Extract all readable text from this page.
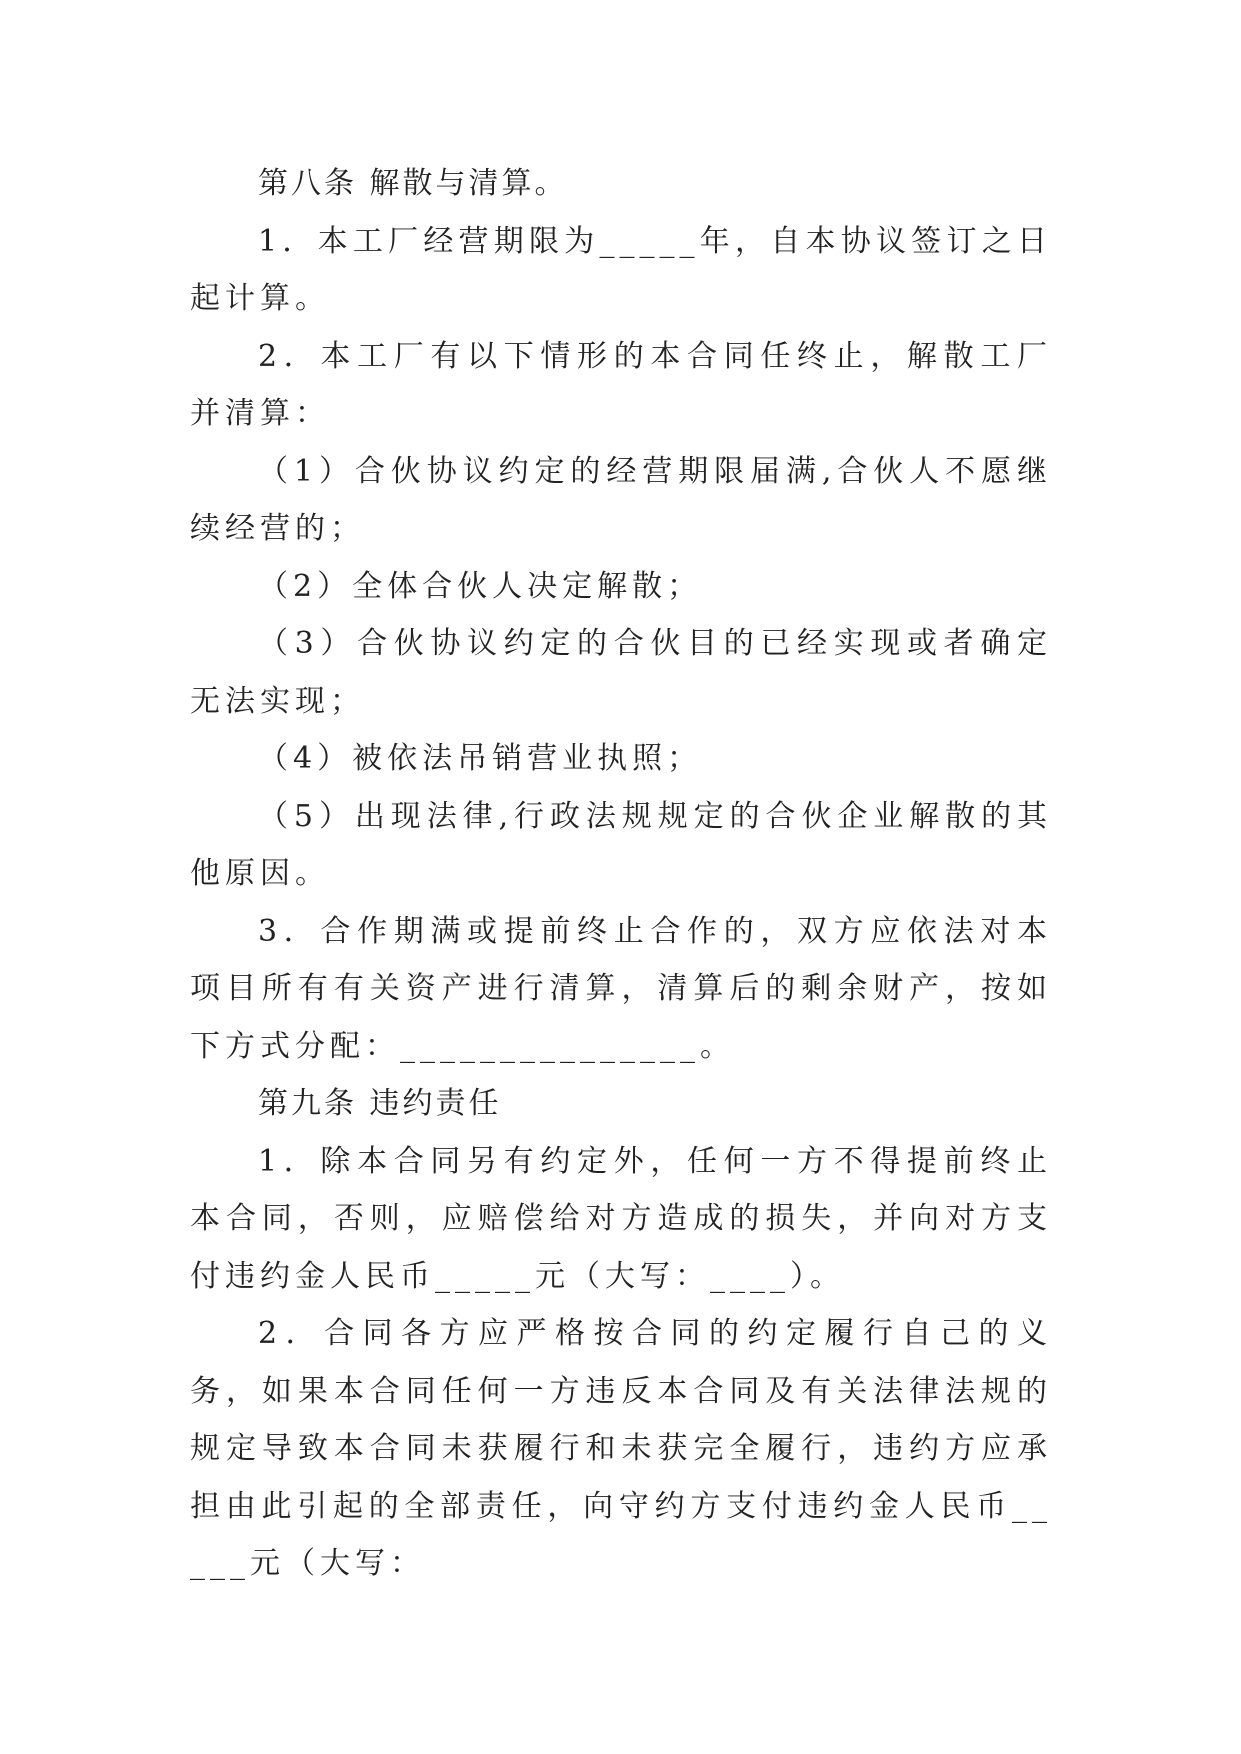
第八条 解散与清算。

1．本工厂经营期限为_____年，自本协议签订之日起计算。

2．本工厂有以下情形的本合同任终止，解散工厂并清算：

（1）合伙协议约定的经营期限届满,合伙人不愿继续经营的；

（2）全体合伙人决定解散；

（3）合伙协议约定的合伙目的已经实现或者确定无法实现；

（4）被依法吊销营业执照；

（5）出现法律,行政法规规定的合伙企业解散的其他原因。

3．合作期满或提前终止合作的，双方应依法对本项目所有有关资产进行清算，清算后的剩余财产，按如下方式分配：_______________。

第九条 违约责任

1．除本合同另有约定外，任何一方不得提前终止本合同，否则，应赔偿给对方造成的损失，并向对方支付违约金人民币_____元（大写：____）。

2．合同各方应严格按合同的约定履行自己的义务，如果本合同任何一方违反本合同及有关法律法规的规定导致本合同未获履行和未获完全履行，违约方应承担由此引起的全部责任，向守约方支付违约金人民币_____元（大写：
